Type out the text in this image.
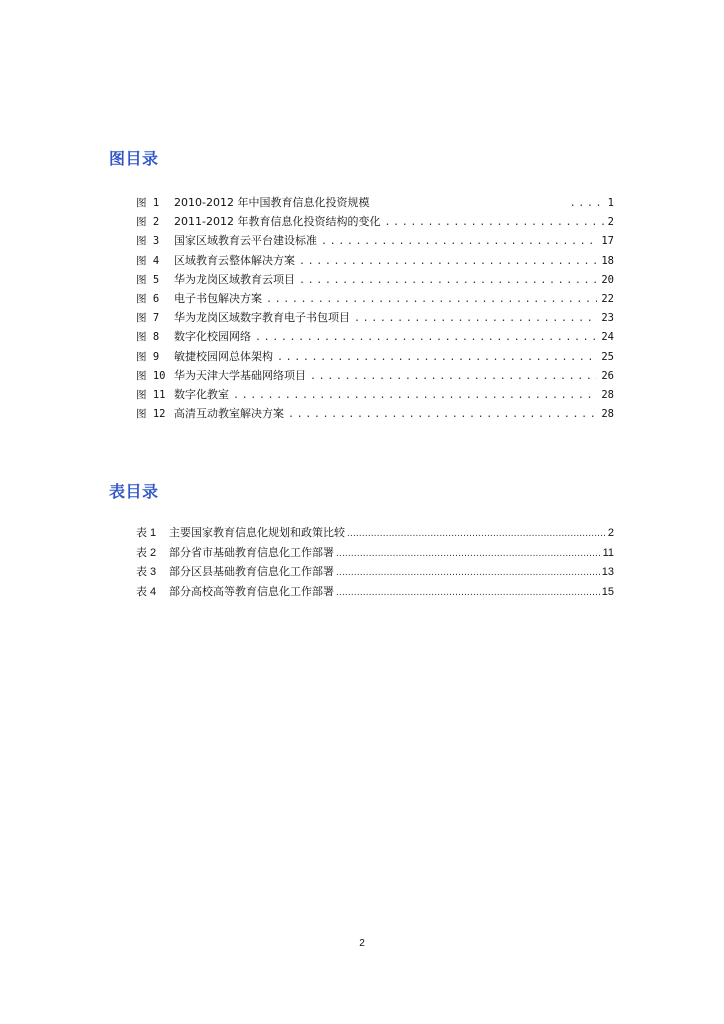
图目录
图 1	2010-2012 年中国教育信息化投资规模 .....	1
图 2	2011-2012 年教育信息化投资结构的变化 .....	2
图 3	国家区域教育云平台建设标准 .....	17
图 4	区域教育云整体解决方案 .....	18
图 5	华为龙岗区域教育云项目 .....	20
图 6	电子书包解决方案 .....	22
图 7	华为龙岗区域数字教育电子书包项目 .....	23
图 8	数字化校园网络 .....	24
图 9	敏捷校园网总体架构 .....	25
图 10 华为天津大学基础网络项目 .....	26
图 11 数字化教室 .....	28
图 12 高清互动教室解决方案 .....	28
表目录
表 1	主要国家教育信息化规划和政策比较 .....	2
表 2	部分省市基础教育信息化工作部署 .....	11
表 3	部分区县基础教育信息化工作部署 .....	13
表 4	部分高校高等教育信息化工作部署 .....	15

2
